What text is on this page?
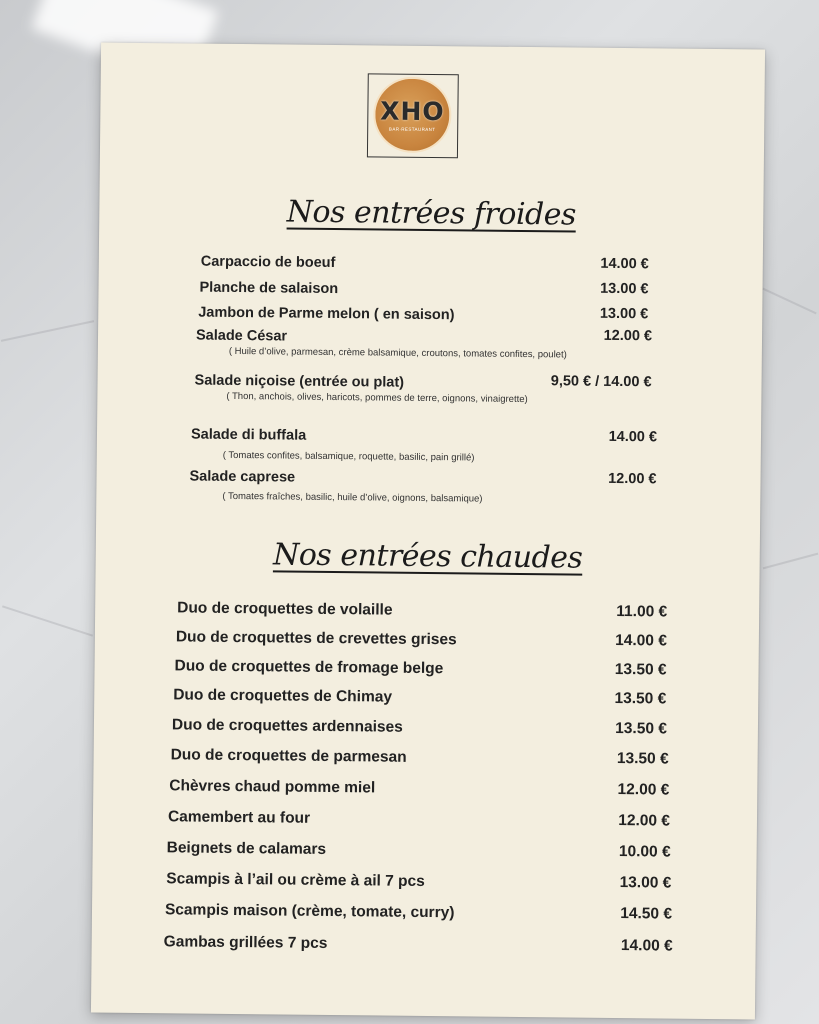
XHO
BAR·RESTAURANT
Nos entrées froides
Carpaccio de boeuf	14.00 €
Planche de salaison	13.00 €
Jambon de Parme melon ( en saison)	13.00 €
Salade César	12.00 €
( Huile d’olive, parmesan, crème balsamique, croutons, tomates confites, poulet)
Salade niçoise (entrée ou plat)	9,50 € / 14.00 €
( Thon, anchois, olives, haricots, pommes de terre, oignons, vinaigrette)
Salade di buffala	14.00 €
( Tomates confites, balsamique, roquette, basilic, pain grillé)
Salade caprese	12.00 €
( Tomates fraîches, basilic, huile d’olive, oignons, balsamique)
Nos entrées chaudes
Duo de croquettes de volaille	11.00 €
Duo de croquettes de crevettes grises	14.00 €
Duo de croquettes de fromage belge	13.50 €
Duo de croquettes de Chimay	13.50 €
Duo de croquettes ardennaises	13.50 €
Duo de croquettes de parmesan	13.50 €
Chèvres chaud pomme miel	12.00 €
Camembert au four	12.00 €
Beignets de calamars	10.00 €
Scampis à l’ail ou crème à ail 7 pcs	13.00 €
Scampis maison (crème, tomate, curry)	14.50 €
Gambas grillées 7 pcs	14.00 €
